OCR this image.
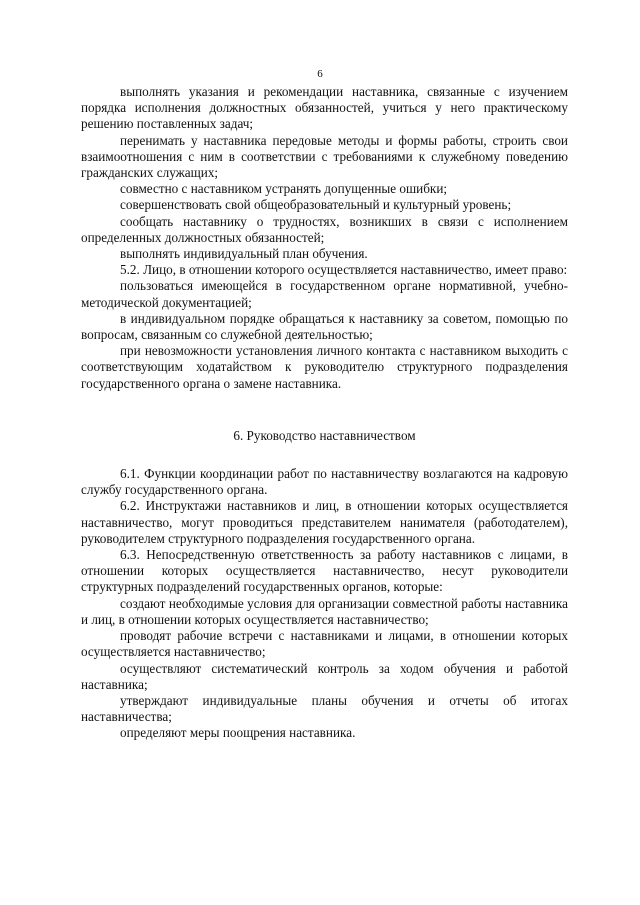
6

выполнять указания и рекомендации наставника, связанные с изучением порядка исполнения должностных обязанностей, учиться у него практическому решению поставленных задач;

перенимать у наставника передовые методы и формы работы, строить свои взаимоотношения с ним в соответствии с требованиями к служебному поведению гражданских служащих;

совместно с наставником устранять допущенные ошибки;

совершенствовать свой общеобразовательный и культурный уровень;

сообщать наставнику о трудностях, возникших в связи с исполнением определенных должностных обязанностей;

выполнять индивидуальный план обучения.

5.2. Лицо, в отношении которого осуществляется наставничество, имеет право:

пользоваться имеющейся в государственном органе нормативной, учебно-методической документацией;

в индивидуальном порядке обращаться к наставнику за советом, помощью по вопросам, связанным со служебной деятельностью;

при невозможности установления личного контакта с наставником выходить с соответствующим ходатайством к руководителю структурного подразделения государственного органа о замене наставника.

6. Руководство наставничеством

6.1. Функции координации работ по наставничеству возлагаются на кадровую службу государственного органа.

6.2. Инструктажи наставников и лиц, в отношении которых осуществляется наставничество, могут проводиться представителем нанимателя (работодателем), руководителем структурного подразделения государственного органа.

6.3. Непосредственную ответственность за работу наставников с лицами, в отношении которых осуществляется наставничество, несут руководители структурных подразделений государственных органов, которые:

создают необходимые условия для организации совместной работы наставника и лиц, в отношении которых осуществляется наставничество;

проводят рабочие встречи с наставниками и лицами, в отношении которых осуществляется наставничество;

осуществляют систематический контроль за ходом обучения и работой наставника;

утверждают индивидуальные планы обучения и отчеты об итогах наставничества;

определяют меры поощрения наставника.
